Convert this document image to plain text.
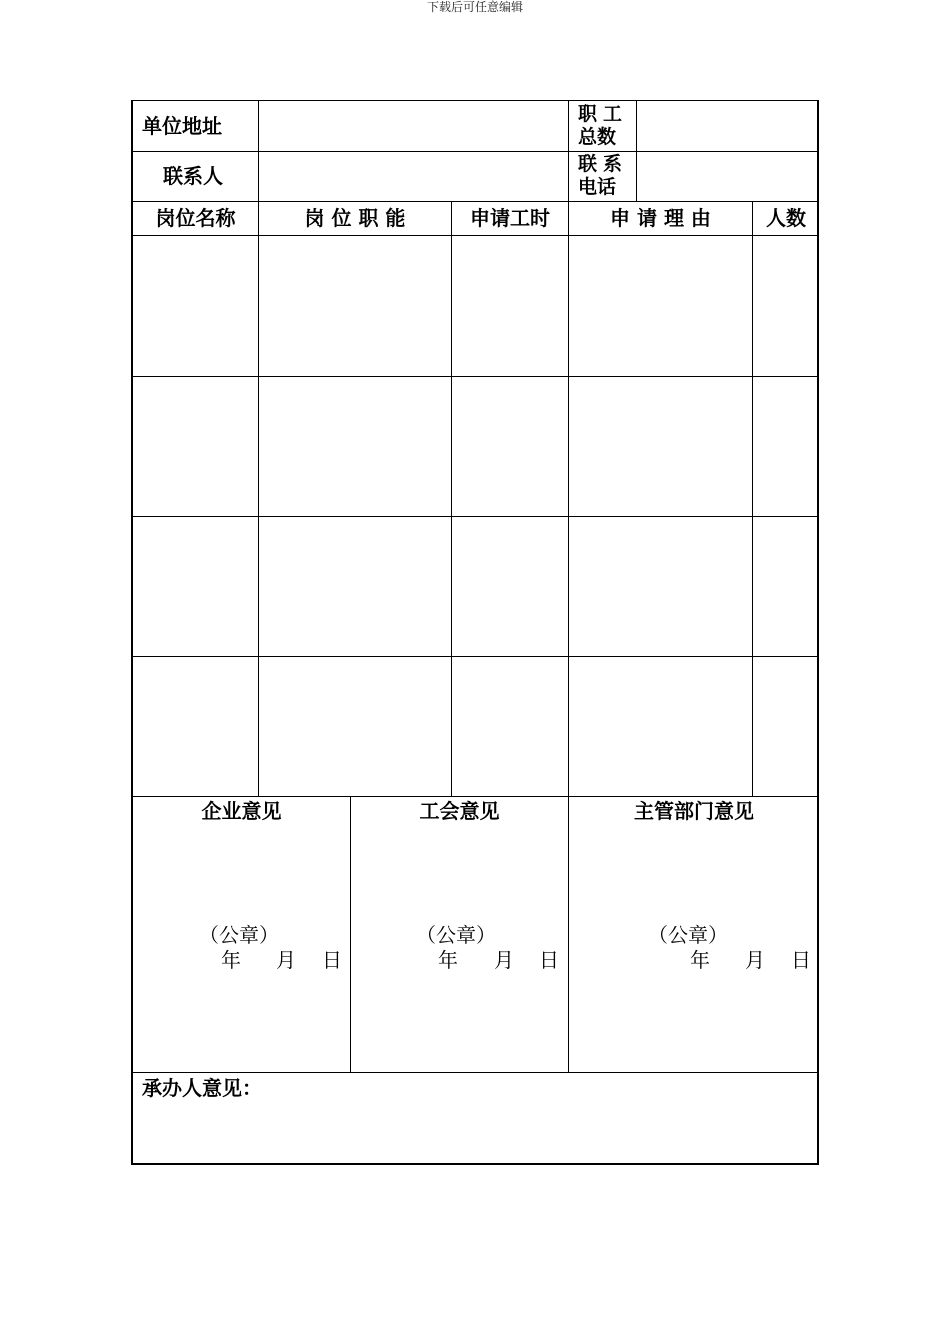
下载后可任意编辑
单位地址	职工
总数
联系人	联系
电话
岗位名称	岗 位 职 能	申请工时	申 请 理 由	人数
企业意见	工会意见	主管部门意见
（公章）
年 月 日
（公章）
年 月 日
（公章）
年 月 日
承办人意见：
